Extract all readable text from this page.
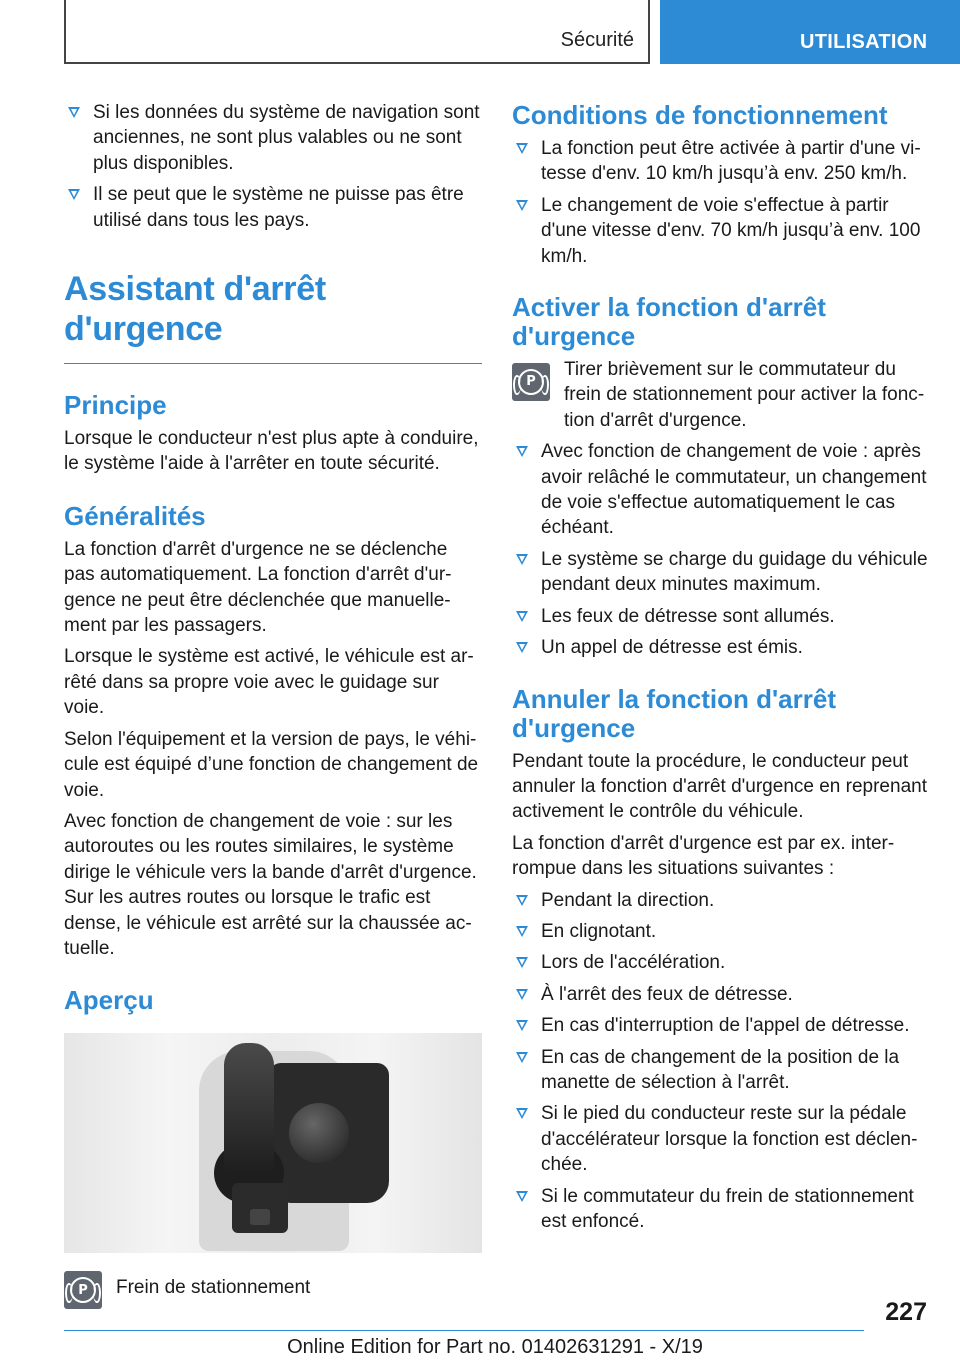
Sécurité	UTILISATION
Si les données du système de navigation sont anciennes, ne sont plus valables ou ne sont plus disponibles.
Il se peut que le système ne puisse pas être utilisé dans tous les pays.
Assistant d'arrêt d'urgence
Principe

Lorsque le conducteur n'est plus apte à conduire, le système l'aide à l'arrêter en toute sécurité.

Généralités

La fonction d'arrêt d'urgence ne se déclenche pas automatiquement. La fonction d'arrêt d'urgence ne peut être déclenchée que manuellement par les passagers.

Lorsque le système est activé, le véhicule est arrêté dans sa propre voie avec le guidage sur voie.

Selon l'équipement et la version de pays, le véhicule est équipé d’une fonction de changement de voie.

Avec fonction de changement de voie : sur les autoroutes ou les routes similaires, le système dirige le véhicule vers la bande d'arrêt d'urgence. Sur les autres routes ou lorsque le trafic est dense, le véhicule est arrêté sur la chaussée actuelle.

Aperçu
P	Frein de stationnement
Conditions de fonctionnement
La fonction peut être activée à partir d'une vitesse d'env. 10 km/h jusqu’à env. 250 km/h.
Le changement de voie s'effectue à partir d'une vitesse d'env. 70 km/h jusqu’à env. 100 km/h.
Activer la fonction d'arrêt d'urgence
P
Tirer brièvement sur le commutateur du frein de stationnement pour activer la fonction d'arrêt d'urgence.
Avec fonction de changement de voie : après avoir relâché le commutateur, un changement de voie s'effectue automatiquement le cas échéant.
Le système se charge du guidage du véhicule pendant deux minutes maximum.
Les feux de détresse sont allumés.
Un appel de détresse est émis.
Annuler la fonction d'arrêt d'urgence

Pendant toute la procédure, le conducteur peut annuler la fonction d'arrêt d'urgence en reprenant activement le contrôle du véhicule.

La fonction d'arrêt d'urgence est par ex. interrompue dans les situations suivantes :

Pendant la direction.
En clignotant.
Lors de l'accélération.
À l'arrêt des feux de détresse.
En cas d'interruption de l'appel de détresse.
En cas de changement de la position de la manette de sélection à l'arrêt.
Si le pied du conducteur reste sur la pédale d'accélérateur lorsque la fonction est déclenchée.
Si le commutateur du frein de stationnement est enfoncé.
227
Online Edition for Part no. 01402631291 - X/19
